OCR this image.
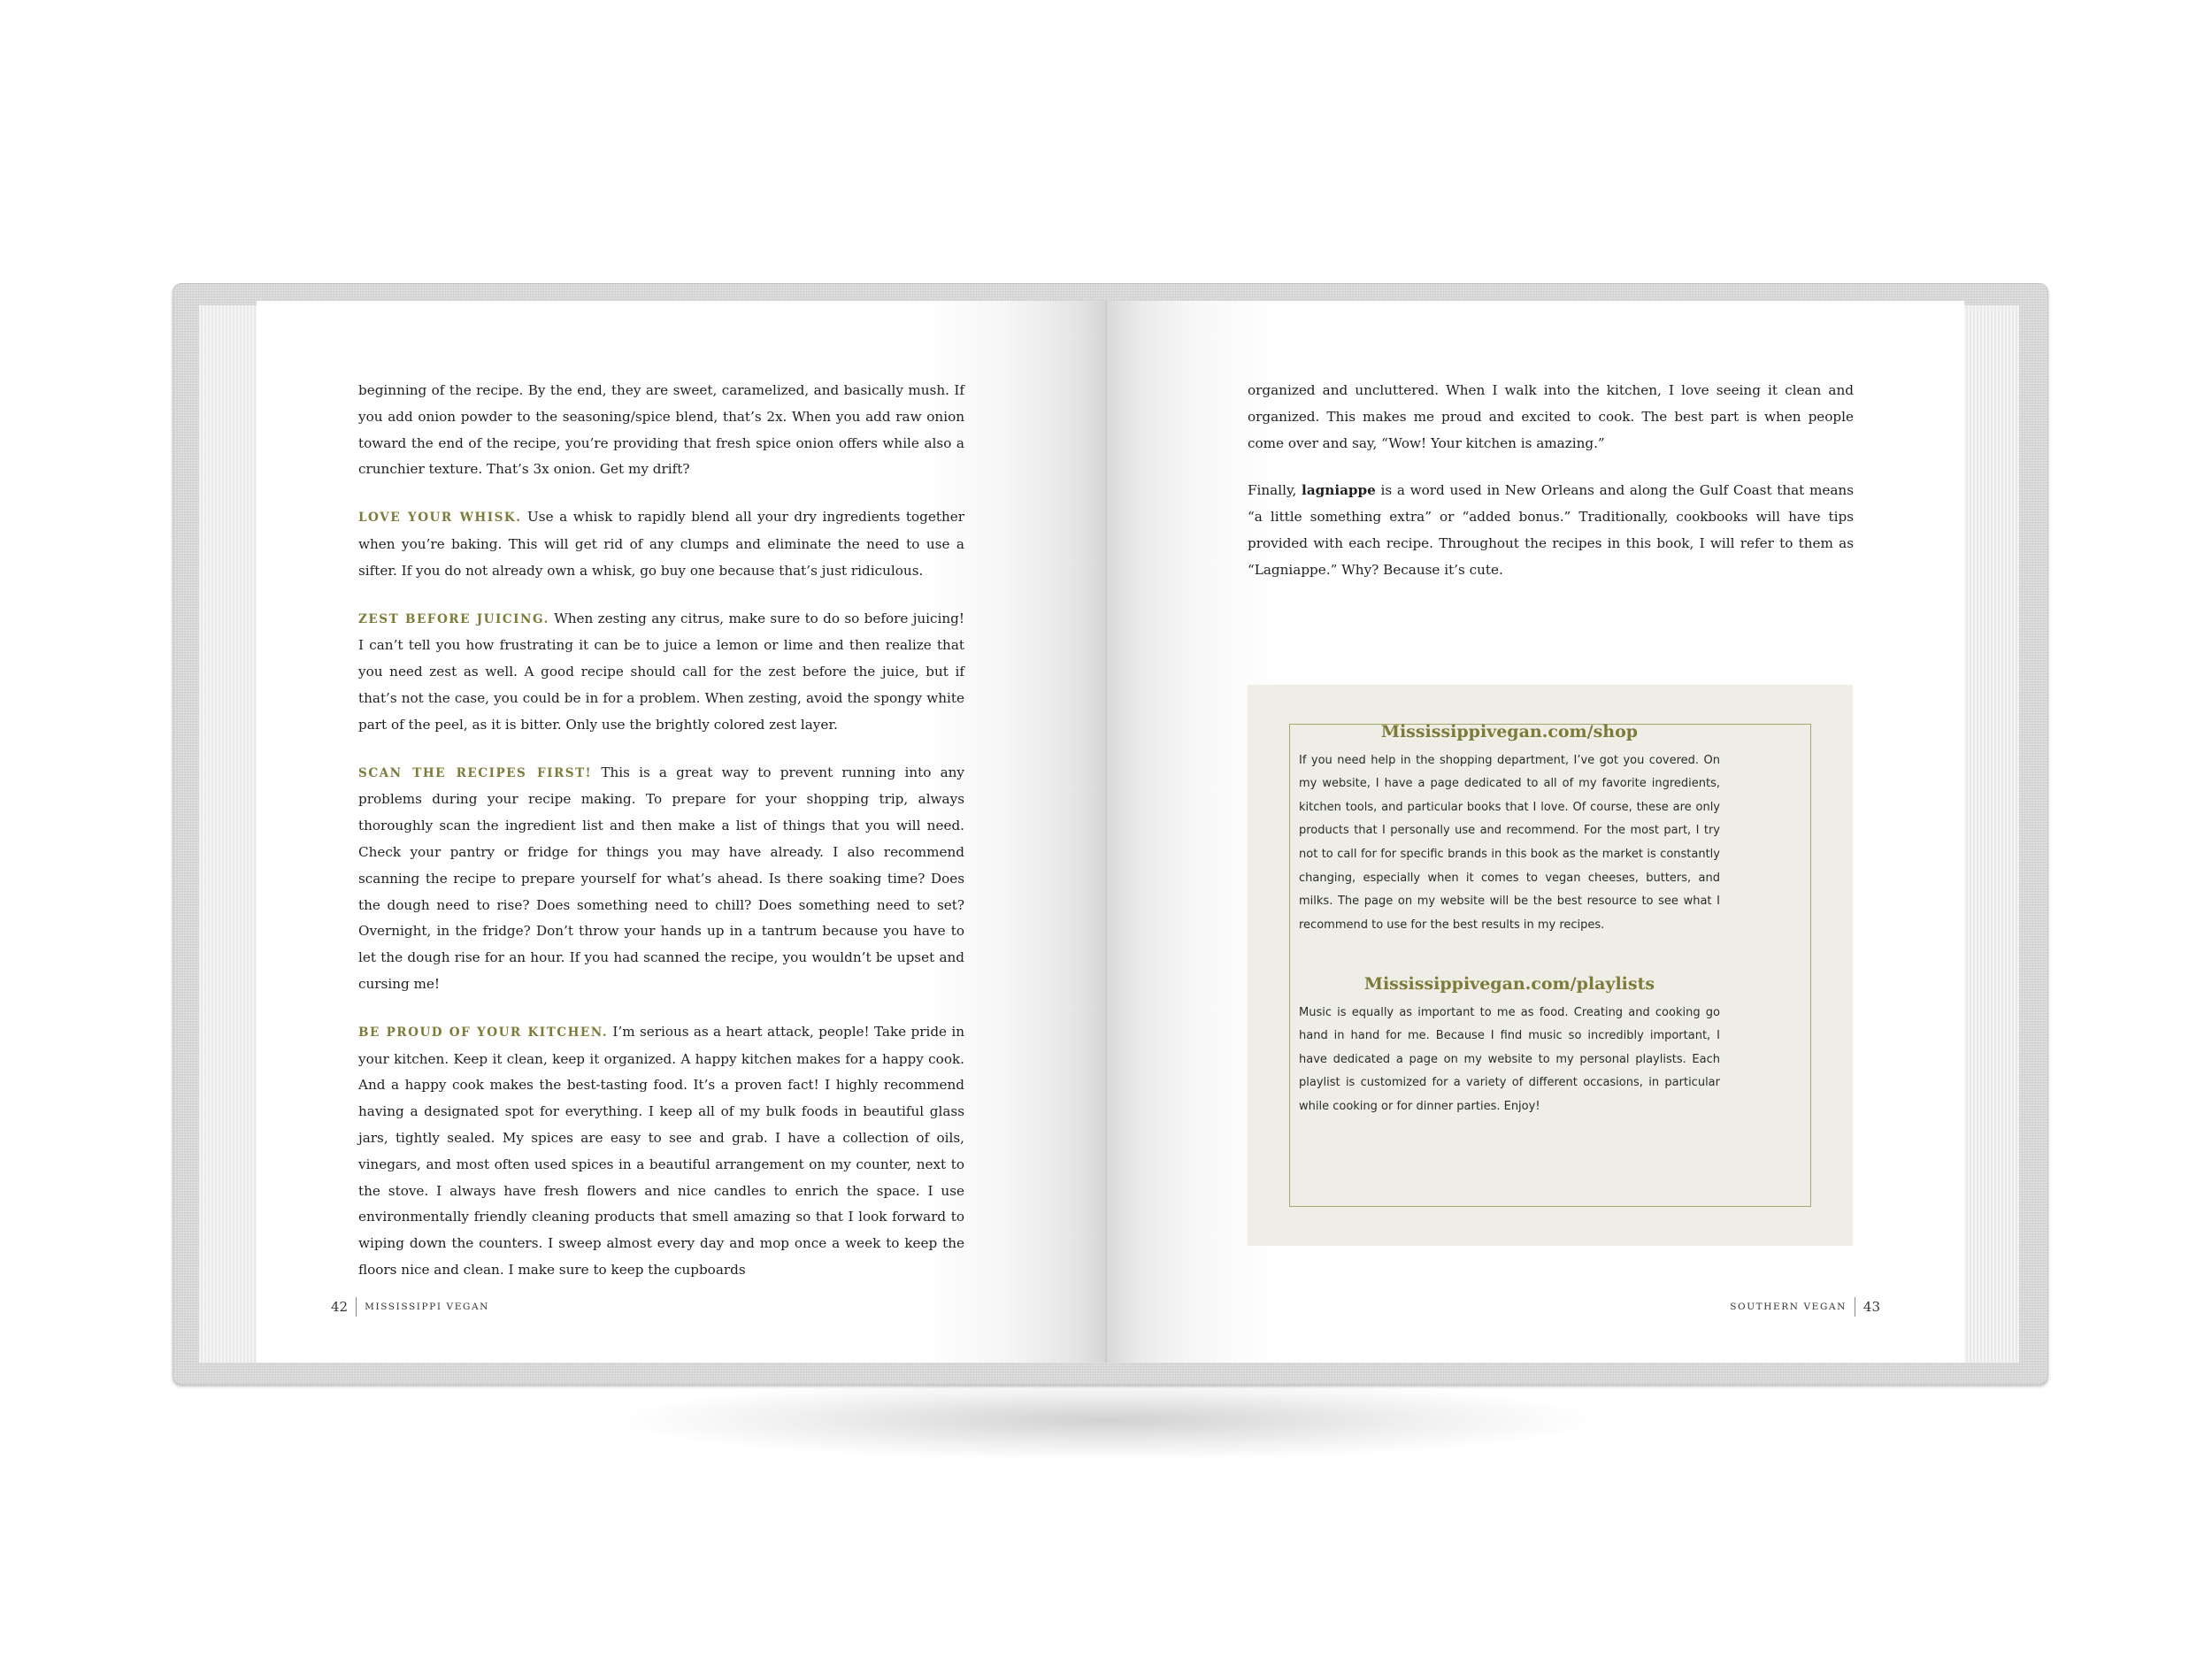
beginning of the recipe. By the end, they are sweet, caramelized, and basically mush. If you add onion powder to the seasoning/spice blend, that’s 2x. When you add raw onion toward the end of the recipe, you’re providing that fresh spice onion offers while also a crunchier texture. That’s 3x onion. Get my drift?

LOVE YOUR WHISK. Use a whisk to rapidly blend all your dry ingredients together when you’re baking. This will get rid of any clumps and eliminate the need to use a sifter. If you do not already own a whisk, go buy one because that’s just ridiculous.

ZEST BEFORE JUICING. When zesting any citrus, make sure to do so before juicing! I can’t tell you how frustrating it can be to juice a lemon or lime and then realize that you need zest as well. A good recipe should call for the zest before the juice, but if that’s not the case, you could be in for a problem. When zesting, avoid the spongy white part of the peel, as it is bitter. Only use the brightly colored zest layer.

SCAN THE RECIPES FIRST! This is a great way to prevent running into any problems during your recipe making. To prepare for your shopping trip, always thoroughly scan the ingredient list and then make a list of things that you will need. Check your pantry or fridge for things you may have already. I also recommend scanning the recipe to prepare yourself for what’s ahead. Is there soaking time? Does the dough need to rise? Does something need to chill? Does something need to set? Overnight, in the fridge? Don’t throw your hands up in a tantrum because you have to let the dough rise for an hour. If you had scanned the recipe, you wouldn’t be upset and cursing me!

BE PROUD OF YOUR KITCHEN. I’m serious as a heart attack, people! Take pride in your kitchen. Keep it clean, keep it organized. A happy kitchen makes for a happy cook. And a happy cook makes the best-tasting food. It’s a proven fact! I highly recommend having a designated spot for everything. I keep all of my bulk foods in beautiful glass jars, tightly sealed. My spices are easy to see and grab. I have a collection of oils, vinegars, and most often used spices in a beautiful arrangement on my counter, next to the stove. I always have fresh flowers and nice candles to enrich the space. I use environmentally friendly cleaning products that smell amazing so that I look forward to wiping down the counters. I sweep almost every day and mop once a week to keep the floors nice and clean. I make sure to keep the cupboards

42 MISSISSIPPI VEGAN

organized and uncluttered. When I walk into the kitchen, I love seeing it clean and organized. This makes me proud and excited to cook. The best part is when people come over and say, “Wow! Your kitchen is amazing.”

Finally, lagniappe is a word used in New Orleans and along the Gulf Coast that means “a little something extra” or “added bonus.” Traditionally, cookbooks will have tips provided with each recipe. Throughout the recipes in this book, I will refer to them as “Lagniappe.” Why? Because it’s cute.

Mississippivegan.com/shop
If you need help in the shopping department, I’ve got you covered. On my website, I have a page dedicated to all of my favorite ingredients, kitchen tools, and particular books that I love. Of course, these are only products that I personally use and recommend. For the most part, I try not to call for for specific brands in this book as the market is constantly changing, especially when it comes to vegan cheeses, butters, and milks. The page on my website will be the best resource to see what I recommend to use for the best results in my recipes.
Mississippivegan.com/playlists
Music is equally as important to me as food. Creating and cooking go hand in hand for me. Because I find music so incredibly important, I have dedicated a page on my website to my personal playlists. Each playlist is customized for a variety of different occasions, in particular while cooking or for dinner parties. Enjoy!
SOUTHERN VEGAN 43
